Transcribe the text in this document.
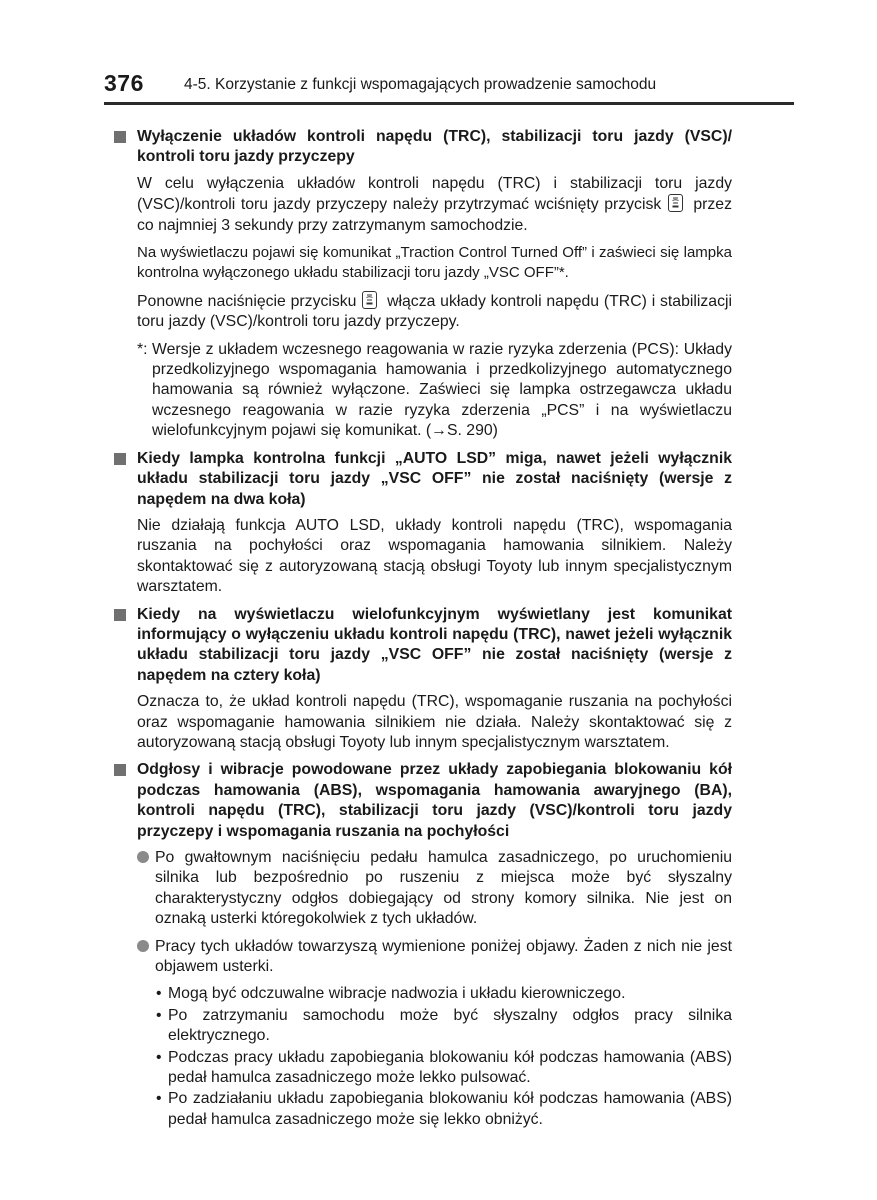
376	4-5. Korzystanie z funkcji wspomagających prowadzenie samochodu

Wyłączenie układów kontroli napędu (TRC), stabilizacji toru jazdy (VSC)/ kontroli toru jazdy przyczepy

W celu wyłączenia układów kontroli napędu (TRC) i stabilizacji toru jazdy (VSC)/kontroli toru jazdy przyczepy należy przytrzymać wciśnięty przycisk przez co najmniej 3 sekundy przy zatrzymanym samochodzie.

Na wyświetlaczu pojawi się komunikat „Traction Control Turned Off” i zaświeci się lampka kontrolna wyłączonego układu stabilizacji toru jazdy „VSC OFF”*.

Ponowne naciśnięcie przycisku włącza układy kontroli napędu (TRC) i stabilizacji toru jazdy (VSC)/kontroli toru jazdy przyczepy.

*: Wersje z układem wczesnego reagowania w razie ryzyka zderzenia (PCS): Układy przedkolizyjnego wspomagania hamowania i przedkolizyjnego automatycznego hamowania są również wyłączone. Zaświeci się lampka ostrzegawcza układu wczesnego reagowania w razie ryzyka zderzenia „PCS” i na wyświetlaczu wielofunkcyjnym pojawi się komunikat. (→S. 290)

Kiedy lampka kontrolna funkcji „AUTO LSD” miga, nawet jeżeli wyłącznik układu stabilizacji toru jazdy „VSC OFF” nie został naciśnięty (wersje z napędem na dwa koła)

Nie działają funkcja AUTO LSD, układy kontroli napędu (TRC), wspomagania ruszania na pochyłości oraz wspomagania hamowania silnikiem. Należy skontaktować się z autoryzowaną stacją obsługi Toyoty lub innym specjalistycznym warsztatem.

Kiedy na wyświetlaczu wielofunkcyjnym wyświetlany jest komunikat informujący o wyłączeniu układu kontroli napędu (TRC), nawet jeżeli wyłącznik układu stabilizacji toru jazdy „VSC OFF” nie został naciśnięty (wersje z napędem na cztery koła)

Oznacza to, że układ kontroli napędu (TRC), wspomaganie ruszania na pochyłości oraz wspomaganie hamowania silnikiem nie działa. Należy skontaktować się z autoryzowaną stacją obsługi Toyoty lub innym specjalistycznym warsztatem.

Odgłosy i wibracje powodowane przez układy zapobiegania blokowaniu kół podczas hamowania (ABS), wspomagania hamowania awaryjnego (BA), kontroli napędu (TRC), stabilizacji toru jazdy (VSC)/kontroli toru jazdy przyczepy i wspomagania ruszania na pochyłości

Po gwałtownym naciśnięciu pedału hamulca zasadniczego, po uruchomieniu silnika lub bezpośrednio po ruszeniu z miejsca może być słyszalny charakterystyczny odgłos dobiegający od strony komory silnika. Nie jest on oznaką usterki któregokolwiek z tych układów.
Pracy tych układów towarzyszą wymienione poniżej objawy. Żaden z nich nie jest objawem usterki.
• Mogą być odczuwalne wibracje nadwozia i układu kierowniczego.
• Po zatrzymaniu samochodu może być słyszalny odgłos pracy silnika elektrycznego.
• Podczas pracy układu zapobiegania blokowaniu kół podczas hamowania (ABS) pedał hamulca zasadniczego może lekko pulsować.
• Po zadziałaniu układu zapobiegania blokowaniu kół podczas hamowania (ABS) pedał hamulca zasadniczego może się lekko obniżyć.
